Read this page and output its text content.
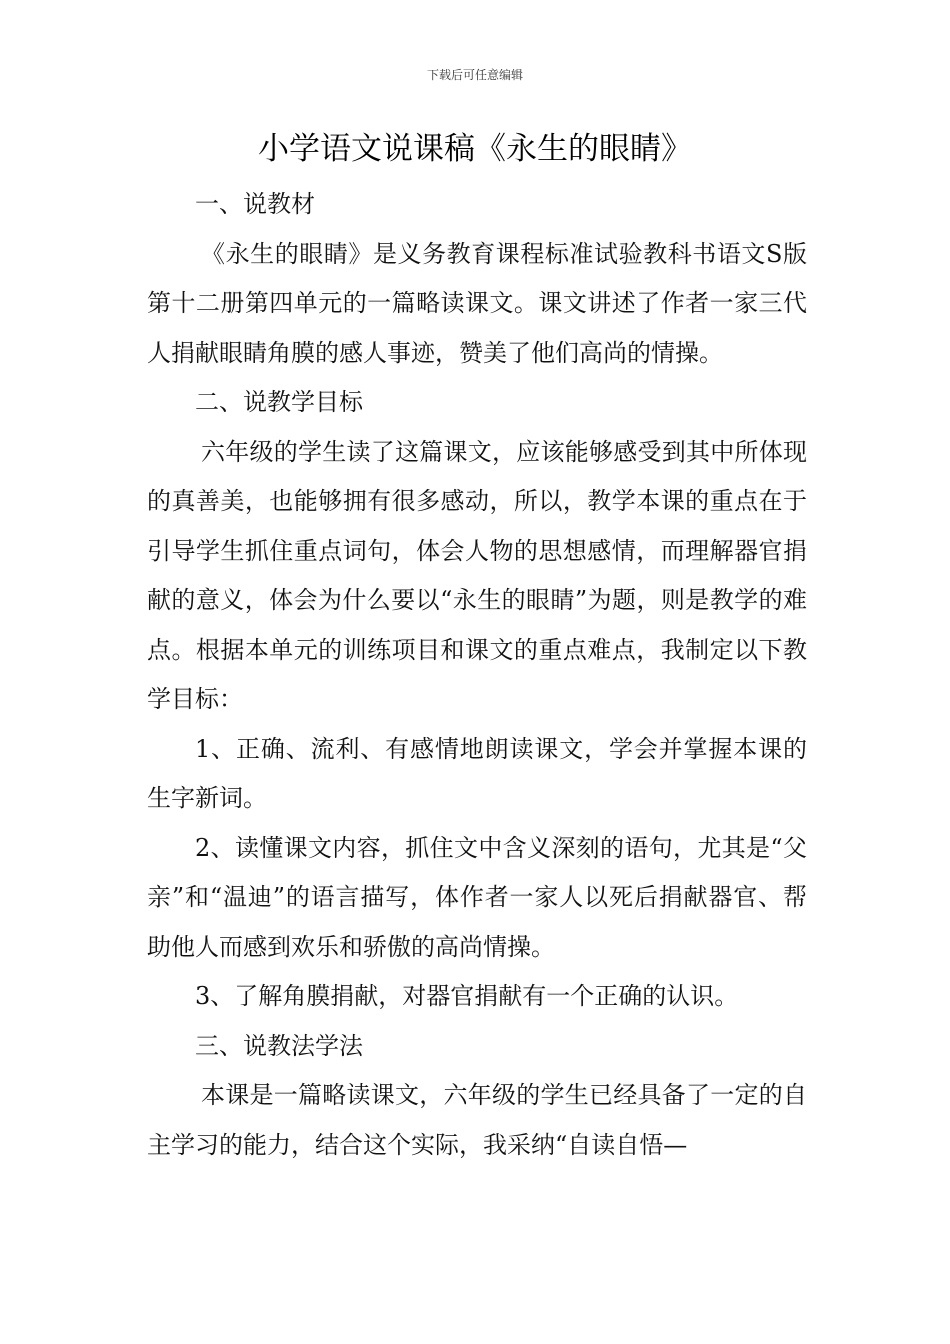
下载后可任意编辑
小学语文说课稿《永生的眼睛》

一、说教材

《永生的眼睛》是义务教育课程标准试验教科书语文S版第十二册第四单元的一篇略读课文。课文讲述了作者一家三代人捐献眼睛角膜的感人事迹，赞美了他们高尚的情操。

二、说教学目标

六年级的学生读了这篇课文，应该能够感受到其中所体现的真善美，也能够拥有很多感动，所以，教学本课的重点在于引导学生抓住重点词句，体会人物的思想感情，而理解器官捐献的意义，体会为什么要以“永生的眼睛”为题，则是教学的难点。根据本单元的训练项目和课文的重点难点，我制定以下教学目标：

1、正确、流利、有感情地朗读课文，学会并掌握本课的生字新词。

2、读懂课文内容，抓住文中含义深刻的语句，尤其是“父亲”和“温迪”的语言描写，体作者一家人以死后捐献器官、帮助他人而感到欢乐和骄傲的高尚情操。

3、了解角膜捐献，对器官捐献有一个正确的认识。

三、说教法学法

本课是一篇略读课文，六年级的学生已经具备了一定的自主学习的能力，结合这个实际，我采纳“自读自悟—
